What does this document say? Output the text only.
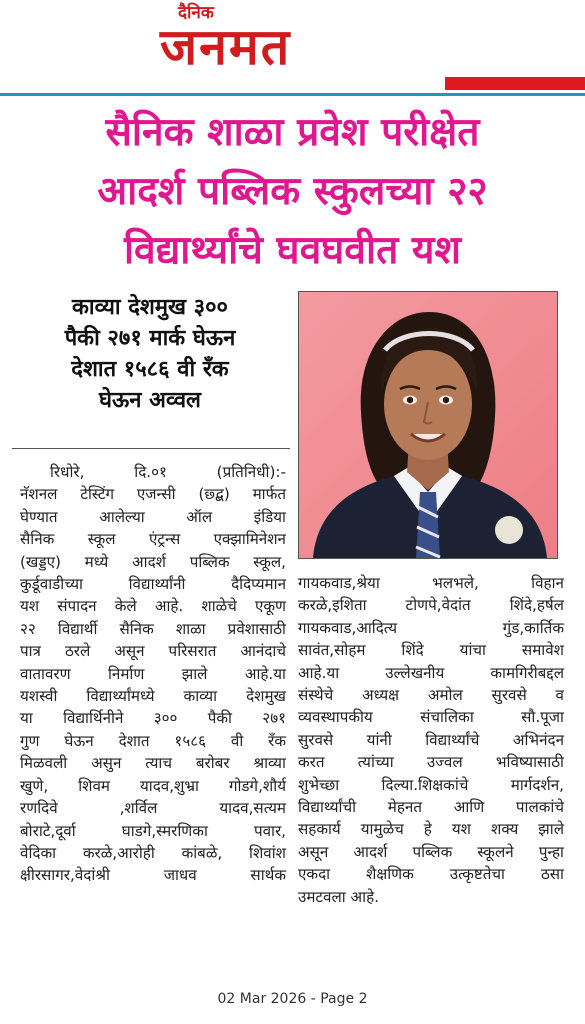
दैनिक
जनमत
सैनिक शाळा प्रवेश परीक्षेत
आदर्श पब्लिक स्कुलच्या २२
विद्यार्थ्यांचे घवघवीत यश
काव्या देशमुख ३००
पैकी २७१ मार्क घेऊन
देशात १५८६ वी रँक
घेऊन अव्वल
रिधोरे, दि.०१ (प्रतिनिधी):-
नॅशनल टेस्टिंग एजन्सी (छ्द्ब) मार्फत
घेण्यात आलेल्या ऑल इंडिया
सैनिक स्कूल एंट्रन्स एक्झामिनेशन
(खड्डए) मध्ये आदर्श पब्लिक स्कूल,
कुर्डूवाडीच्या विद्यार्थ्यांनी दैदिप्यमान
यश संपादन केले आहे. शाळेचे एकूण
२२ विद्यार्थी सैनिक शाळा प्रवेशासाठी
पात्र ठरले असून परिसरात आनंदाचे
वातावरण निर्माण झाले आहे.या
यशस्वी विद्यार्थ्यांमध्ये काव्या देशमुख
या विद्यार्थिनीने ३०० पैकी २७१
गुण घेऊन देशात १५८६ वी रँक
मिळवली असुन त्याच बरोबर श्राव्या
खुणे, शिवम यादव,शुभ्रा गोडगे,शौर्य
रणदिवे ,शर्विल यादव,सत्यम
बोराटे,दूर्वा घाडगे,स्मरणिका पवार,
वेदिका करळे,आरोही कांबळे, शिवांश
क्षीरसागर,वेदांश्री जाधव सार्थक
गायकवाड,श्रेया भलभले, विहान
करळे,इशिता टोणपे,वेदांत शिंदे,हर्षल
गायकवाड,आदित्य गुंड,कार्तिक
सावंत,सोहम शिंदे यांचा समावेश
आहे.या उल्लेखनीय कामगिरीबद्दल
संस्थेचे अध्यक्ष अमोल सुरवसे व
व्यवस्थापकीय संचालिका सौ.पूजा
सुरवसे यांनी विद्यार्थ्यांचे अभिनंदन
करत त्यांच्या उज्वल भविष्यासाठी
शुभेच्छा दिल्या.शिक्षकांचे मार्गदर्शन,
विद्यार्थ्यांची मेहनत आणि पालकांचे
सहकार्य यामुळेच हे यश शक्य झाले
असून आदर्श पब्लिक स्कूलने पुन्हा
एकदा शैक्षणिक उत्कृष्टतेचा ठसा
उमटवला आहे.
02 Mar 2026 - Page 2
